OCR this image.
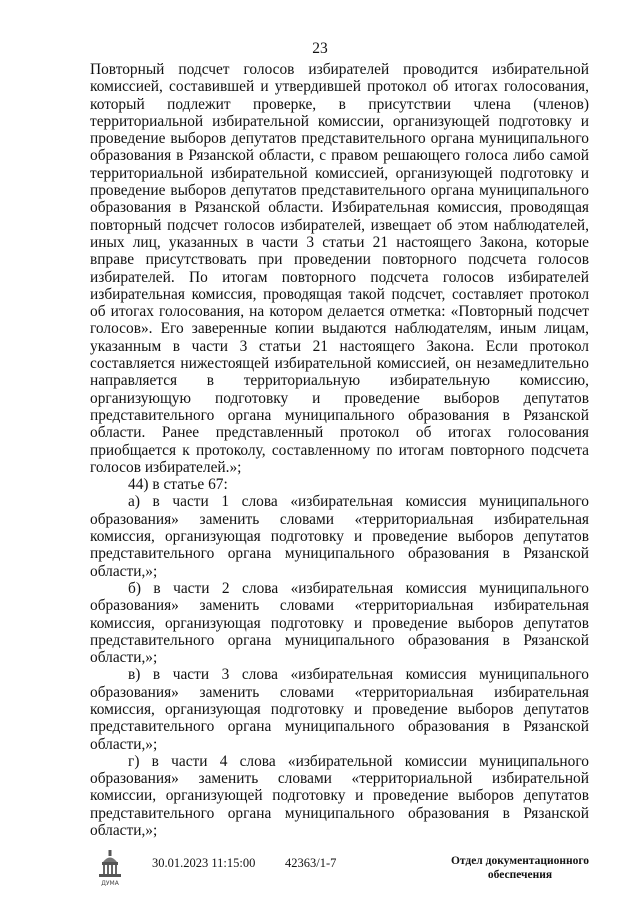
23

Повторный подсчет голосов избирателей проводится избирательной комиссией, составившей и утвердившей протокол об итогах голосования, который подлежит проверке, в присутствии члена (членов) территориальной избирательной комиссии, организующей подготовку и проведение выборов депутатов представительного органа муниципального образования в Рязанской области, с правом решающего голоса либо самой территориальной избирательной комиссией, организующей подготовку и проведение выборов депутатов представительного органа муниципального образования в Рязанской области. Избирательная комиссия, проводящая повторный подсчет голосов избирателей, извещает об этом наблюдателей, иных лиц, указанных в части 3 статьи 21 настоящего Закона, которые вправе присутствовать при проведении повторного подсчета голосов избирателей. По итогам повторного подсчета голосов избирателей избирательная комиссия, проводящая такой подсчет, составляет протокол об итогах голосования, на котором делается отметка: «Повторный подсчет голосов». Его заверенные копии выдаются наблюдателям, иным лицам, указанным в части 3 статьи 21 настоящего Закона. Если протокол составляется нижестоящей избирательной комиссией, он незамедлительно направляется в территориальную избирательную комиссию, организующую подготовку и проведение выборов депутатов представительного органа муниципального образования в Рязанской области. Ранее представленный протокол об итогах голосования приобщается к протоколу, составленному по итогам повторного подсчета голосов избирателей.»;

44) в статье 67:

а) в части 1 слова «избирательная комиссия муниципального образования» заменить словами «территориальная избирательная комиссия, организующая подготовку и проведение выборов депутатов представительного органа муниципального образования в Рязанской области,»;

б) в части 2 слова «избирательная комиссия муниципального образования» заменить словами «территориальная избирательная комиссия, организующая подготовку и проведение выборов депутатов представительного органа муниципального образования в Рязанской области,»;

в) в части 3 слова «избирательная комиссия муниципального образования» заменить словами «территориальная избирательная комиссия, организующая подготовку и проведение выборов депутатов представительного органа муниципального образования в Рязанской области,»;

г) в части 4 слова «избирательной комиссии муниципального образования» заменить словами «территориальной избирательной комиссии, организующей подготовку и проведение выборов депутатов представительного органа муниципального образования в Рязанской области,»;

ДУМА
30.01.2023 11:15:00 42363/1-7	Отдел документационного
обеспечения
